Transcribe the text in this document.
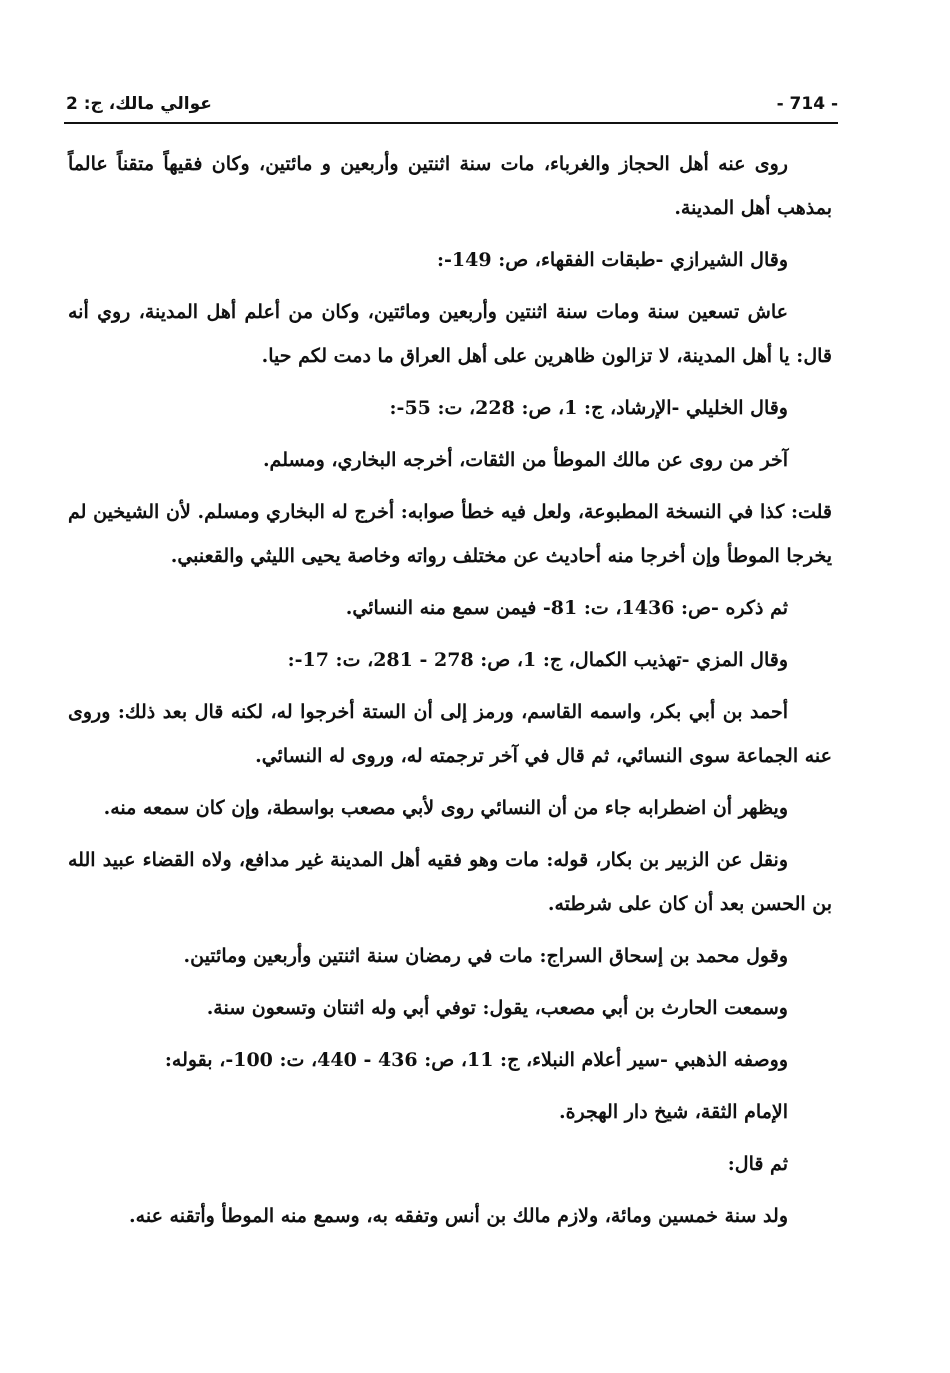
عوالي مالك، ج: 2	- 714 -

روى عنه أهل الحجاز والغرباء، مات سنة اثنتين وأربعين و مائتين، وكان فقيهاً متقناً عالماً بمذهب أهل المدينة.

وقال الشيرازي -طبقات الفقهاء، ص: 149-:

عاش تسعين سنة ومات سنة اثنتين وأربعين ومائتين، وكان من أعلم أهل المدينة، روي أنه قال: يا أهل المدينة، لا تزالون ظاهرين على أهل العراق ما دمت لكم حيا.

وقال الخليلي -الإرشاد، ج: 1، ص: 228، ت: 55-:

آخر من روى عن مالك الموطأ من الثقات، أخرجه البخاري، ومسلم.

قلت: كذا في النسخة المطبوعة، ولعل فيه خطأ صوابه: أخرج له البخاري ومسلم. لأن الشيخين لم يخرجا الموطأ وإن أخرجا منه أحاديث عن مختلف رواته وخاصة يحيى الليثي والقعنبي.

ثم ذكره -ص: 1436، ت: 81- فيمن سمع منه النسائي.

وقال المزي -تهذيب الكمال، ج: 1، ص: 278 - 281، ت: 17-:

أحمد بن أبي بكر، واسمه القاسم، ورمز إلى أن الستة أخرجوا له، لكنه قال بعد ذلك: وروى عنه الجماعة سوى النسائي، ثم قال في آخر ترجمته له، وروى له النسائي.

ويظهر أن اضطرابه جاء من أن النسائي روى لأبي مصعب بواسطة، وإن كان سمعه منه.

ونقل عن الزبير بن بكار، قوله: مات وهو فقيه أهل المدينة غير مدافع، ولاه القضاء عبيد الله بن الحسن بعد أن كان على شرطته.

وقول محمد بن إسحاق السراج: مات في رمضان سنة اثنتين وأربعين ومائتين.

وسمعت الحارث بن أبي مصعب، يقول: توفي أبي وله اثنتان وتسعون سنة.

ووصفه الذهبي -سير أعلام النبلاء، ج: 11، ص: 436 - 440، ت: 100-، بقوله:

الإمام الثقة، شيخ دار الهجرة.

ثم قال:

ولد سنة خمسين ومائة، ولازم مالك بن أنس وتفقه به، وسمع منه الموطأ وأتقنه عنه.
